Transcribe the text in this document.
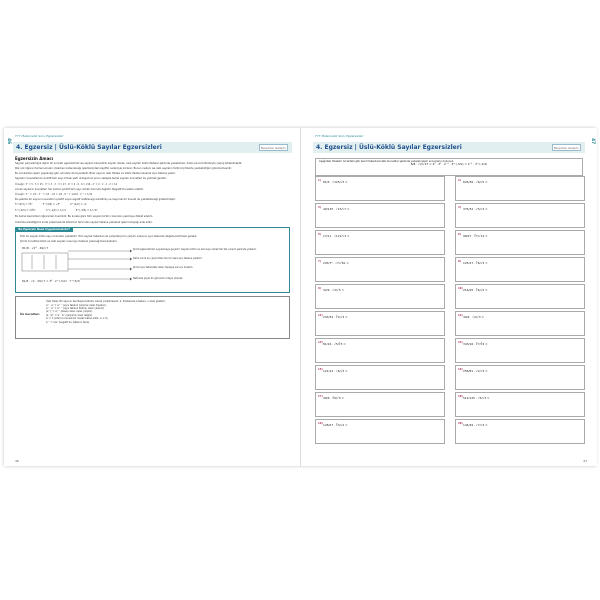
46
TYT Matematik Soru Egzersizleri
4. Egzersiz | Üslü-Köklü Sayılar Egzersizleri	Benjamin Gelişim
Egzersizin Amacı

Sayıları parçalamaya ilişkin bir sonraki egzersizimiz ise sayıları üslü-köklü sayılar olarak, üslü sayıları köklü ifadeler şeklinde yazabilmek, daha sonra birbirleriyle çarpıp bölebilmektir.

Pek çok öğrenci temel soruları çözerken kullanılacağı işlemlerindeki zayıflık nedeniyle zorlanır. Bunun nedeni ise üslü sayıların farklı biçimlerde yazılabildiğini görememesidir.

Bu sorulardan işlem yapılacağı gibi, sorulara da koyulabilir. Birer sayının üslü ifadesi ve köklü ifadesi alınarak aynı tabana yazılır.

Sayıların kuvvetlerinin pozitif tam sayı olması şartı olduğumuz ve bu sebeple temel sayıları kuvvetleri ile yazmak gerekir.

Örneğin: 5² = 5 . 5 = 25 , 3³ = 3 . 3 . 3 = 27 , 6³ = 6 . 6 . 6 = 216 , 2⁴ = 2 . 2 . 2 . 2 = 16

Ancak sayıların kuvvetleri her zaman pozitif tam sayı olmak zorunda değildir. Negatif kuvvetler olabilir.

Örneğin: 5⁻¹ = 1/5 , 3⁻² = 1/3 · 1/3 = 1/9 , 6⁻³ = 1/216 , 2⁻⁵ = 1/32

Bu şekilde bir sayının kuvvetinin pozitif veya negatif olabileceği anlatılmış ve rasyonel bir kuvvet de yazılabileceği gösterilmiştir.

5^(2/3) = ∛5²	3^(3/2) = √3³	2^(1/2) = √2
5^(-2/3) = 1/∛5²	3^(-1/2) = 1/√3	6^(-3/5) = 1/⁵√6³

Bu temel kavramları öğrenmek önemlidir. Bu kurala göre tüm sayıları birbiri cinsinden yazmaya dikkat edelim.

Yukarıda anlattığımız kural çalışmasında birbirinin tersi olan sayılar tabana yazılarak işlem kolaylığı elde edilir.

Bu Egzersiz Nasıl Uygulanmalıdır?

Tüm bu sayılar köklü sayı cinsinden yazılabilir. Tüm sayılar tabanları ile çarpıldıkça bu çarpım sırasının aynı tabanda değerlendirilmesi gerekir.

Şimdi öncelikle köklü ve üslü sayıları nasıl aynı tabana yazacağımıza bakalım.

81/8 · √2³ · 49/√7	Şimdi egzersizimizi uygulamaya geçelim. Sayıları köklü ve üslü sayı olarak tek tek çarpım şeklinde yazalım.
Daha sonra bu çarpımdaki her bir üssü aynı tabana yazalım.
Şimdi aynı tabandaki üsleri toplayıp sonucu bulalım.
Neticede şöyle bir görünüm ortaya çıkacak.
81/8 · √2 · 49/√7 = 3⁴ · 2^(-5/2) · 7^(3/2)
Üs kuralları
Üslü ifade: Bir sayının kendisiyle tekrarlı olarak çarpılmasıdır. aⁿ ifadesinde a tabanı, n üssü gösterir.
aᵐ · aⁿ = aᵐ⁺ⁿ (aynı tabanlı çarpma: üsler toplanır)
aᵐ : aⁿ = aᵐ⁻ⁿ (aynı tabanlı bölme: üsler çıkarılır)
(aᵐ)ⁿ = aᵐ·ⁿ (üssün üssü: üsler çarpılır)
(a · b)ⁿ = aⁿ · bⁿ (çarpımın üssü dağılır)
a⁰ = 1 (sıfırıncı kuvvet bir olarak kabul edilir, a ≠ 0)
a⁻ⁿ = 1/aⁿ (negatif üs: tabanın tersi)
46
47
TYT Matematik Soru Egzersizleri
4. Egzersiz | Üslü-Köklü Sayılar Egzersizleri	Benjamin Gelişim
Aşağıdaki ifadeleri örnekteki gibi kendi tabanlarındaki kuvvetler şeklinde yazarak işlem sonuçlarını bulunuz.
6/8 · √2/√27 = 2¹ · 3¹ · 2⁻³ · 3^(-3/2) = 2⁻² · 3^(-1/2)
1) 81/5 · √125/√3 =	2) 625/36 · √6/√5 =
3) 49/135 · √15/√7 =	4) 375/32 · √5/√3 =
5) 17/11 · √121/√3 =	6) 98/27 · ∛7/√14 =
7) 243/7ᵃ · √7/√81 =	8) 125/27 · ∛6/√3 =
9) 32/9 · √3/√5 =	10) 216/25 · ∛6/√2 =
11) 243/32 · ∛2/√3 =	12) 49/4 · √2/√3 =
13) 81/16 · √5/∛3 =	14) 343/16 · ∛7/∛4 =
15) 121/12 · √6/√3 =	16) 256/81 · √2/√3 =
17) 49/6 · ∛6/√3 =	18) 512/125 · √5/√3 =
19) 128/27 · ∛3/√2 =	20) 144/49 · √7/√3 =
47
